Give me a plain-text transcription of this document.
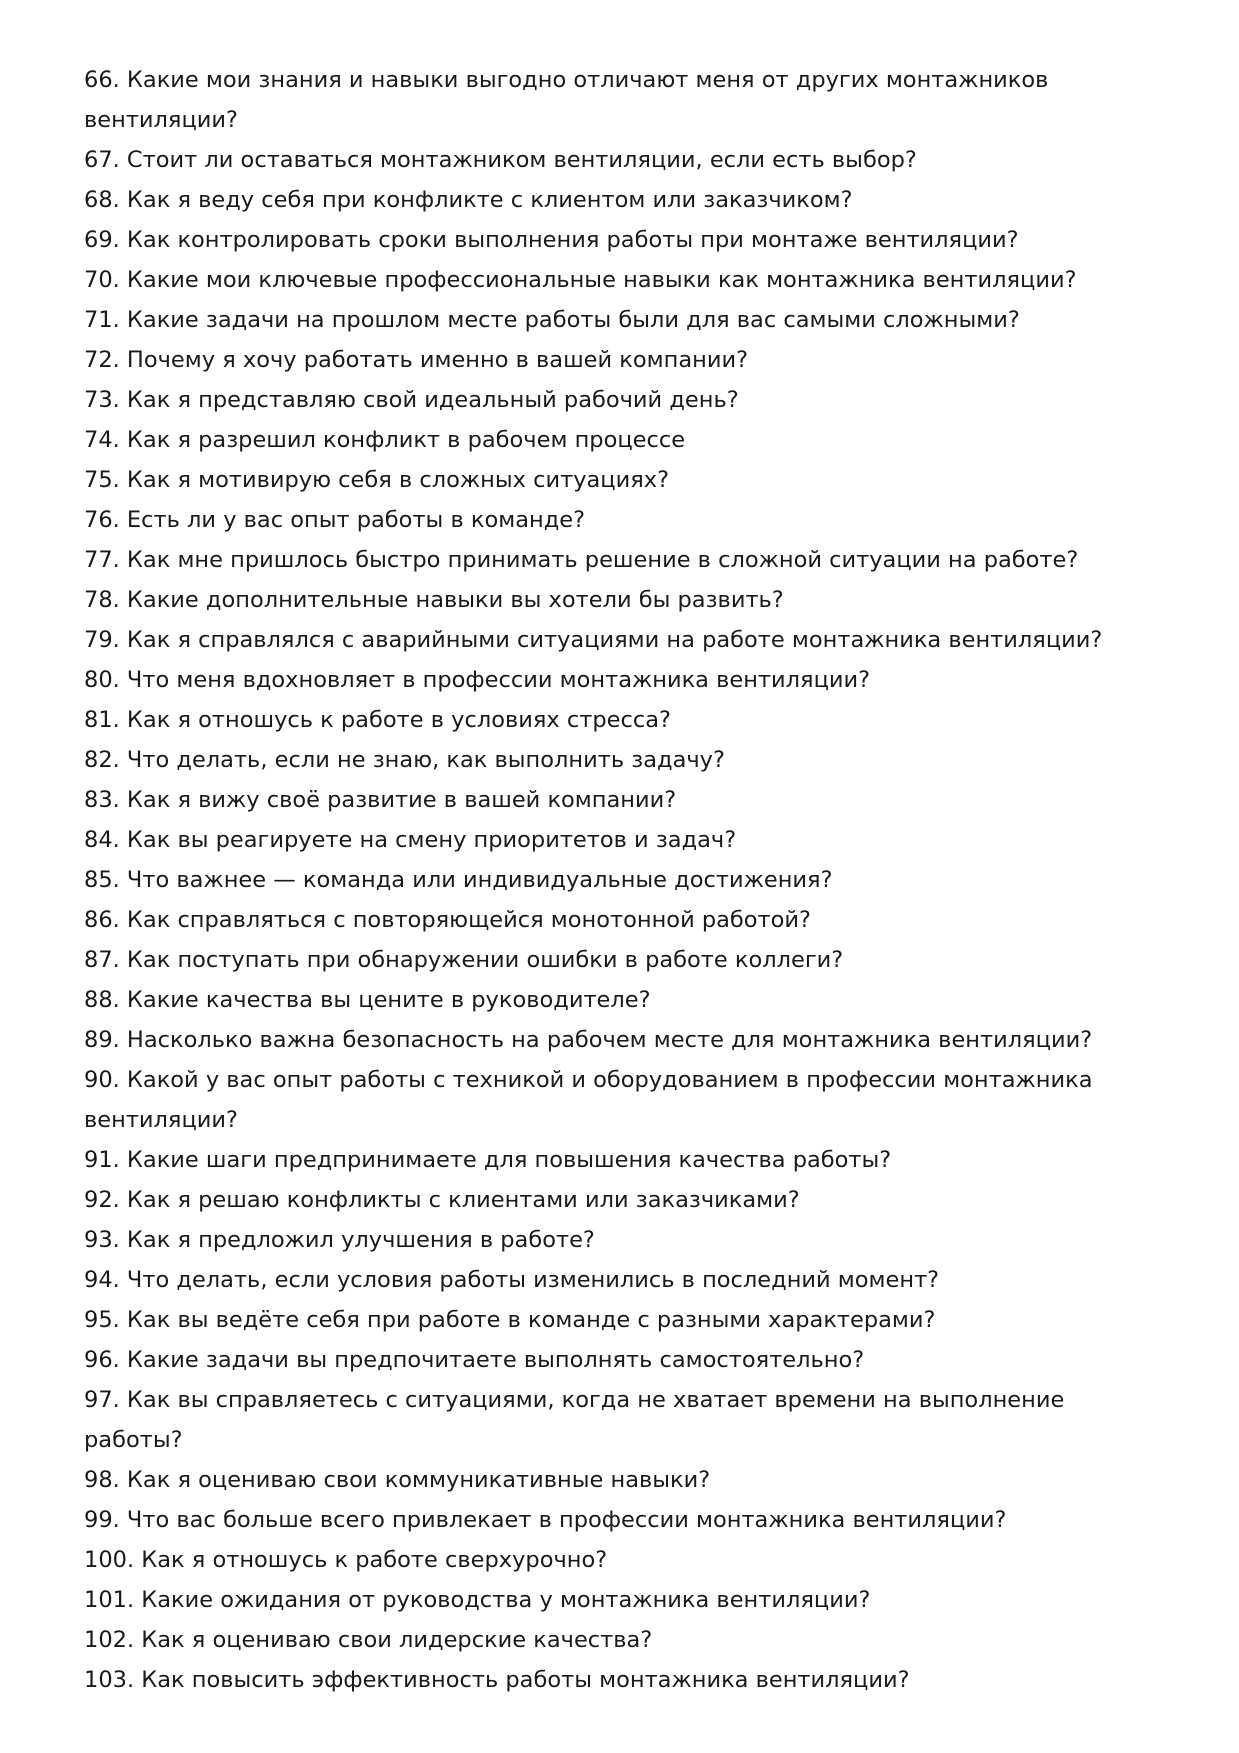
66. Какие мои знания и навыки выгодно отличают меня от других монтажников вентиляции?

67. Стоит ли оставаться монтажником вентиляции, если есть выбор?

68. Как я веду себя при конфликте с клиентом или заказчиком?

69. Как контролировать сроки выполнения работы при монтаже вентиляции?

70. Какие мои ключевые профессиональные навыки как монтажника вентиляции?

71. Какие задачи на прошлом месте работы были для вас самыми сложными?

72. Почему я хочу работать именно в вашей компании?

73. Как я представляю свой идеальный рабочий день?

74. Как я разрешил конфликт в рабочем процессе

75. Как я мотивирую себя в сложных ситуациях?

76. Есть ли у вас опыт работы в команде?

77. Как мне пришлось быстро принимать решение в сложной ситуации на работе?

78. Какие дополнительные навыки вы хотели бы развить?

79. Как я справлялся с аварийными ситуациями на работе монтажника вентиляции?

80. Что меня вдохновляет в профессии монтажника вентиляции?

81. Как я отношусь к работе в условиях стресса?

82. Что делать, если не знаю, как выполнить задачу?

83. Как я вижу своё развитие в вашей компании?

84. Как вы реагируете на смену приоритетов и задач?

85. Что важнее — команда или индивидуальные достижения?

86. Как справляться с повторяющейся монотонной работой?

87. Как поступать при обнаружении ошибки в работе коллеги?

88. Какие качества вы цените в руководителе?

89. Насколько важна безопасность на рабочем месте для монтажника вентиляции?

90. Какой у вас опыт работы с техникой и оборудованием в профессии монтажника вентиляции?

91. Какие шаги предпринимаете для повышения качества работы?

92. Как я решаю конфликты с клиентами или заказчиками?

93. Как я предложил улучшения в работе?

94. Что делать, если условия работы изменились в последний момент?

95. Как вы ведёте себя при работе в команде с разными характерами?

96. Какие задачи вы предпочитаете выполнять самостоятельно?

97. Как вы справляетесь с ситуациями, когда не хватает времени на выполнение работы?

98. Как я оцениваю свои коммуникативные навыки?

99. Что вас больше всего привлекает в профессии монтажника вентиляции?

100. Как я отношусь к работе сверхурочно?

101. Какие ожидания от руководства у монтажника вентиляции?

102. Как я оцениваю свои лидерские качества?

103. Как повысить эффективность работы монтажника вентиляции?
